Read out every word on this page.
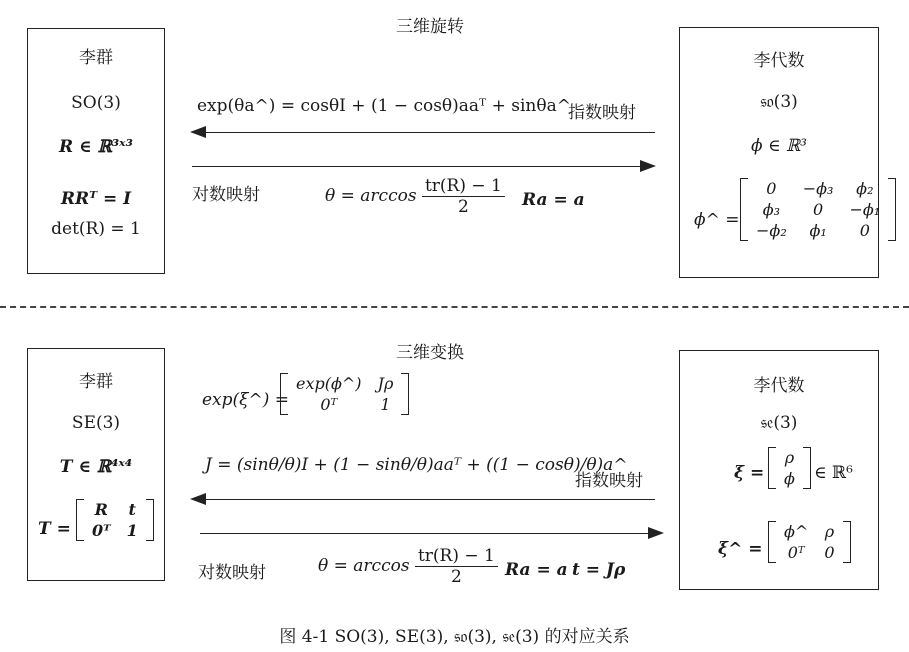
三维旋转
李群
SO(3)
R ∈ ℝ³ˣ³
RRᵀ = I
det(R) = 1
李代数
𝔰𝔬(3)
ϕ ∈ ℝ³
ϕ^ =
0	−ϕ₃	ϕ₂
ϕ₃	0	−ϕ₁
−ϕ₂	ϕ₁	0
exp(θa^) = cosθI + (1 − cosθ)aaᵀ + sinθa^
指数映射
对数映射	$\theta = \arccos \frac{tr(R) - 1}{2}$ Ra = a
三维变换
李群
SE(3)
T ∈ ℝ⁴ˣ⁴
T =
R	t
0ᵀ	1
李代数
𝔰𝔢(3)
ξ =
ρ
ϕ ∈ ℝ⁶
ξ^ =
ϕ^	ρ
0ᵀ	0
exp(ξ^) =
exp(ϕ^)	Jρ
0ᵀ	1
J = (sinθ/θ)I + (1 − sinθ/θ)aaᵀ + ((1 − cosθ)/θ)a^
指数映射
对数映射	$\theta = \arccos \frac{tr(R) - 1}{2}$ Ra = a t = Jρ
图 4-1 SO(3), SE(3), 𝔰𝔬(3), 𝔰𝔢(3) 的对应关系
